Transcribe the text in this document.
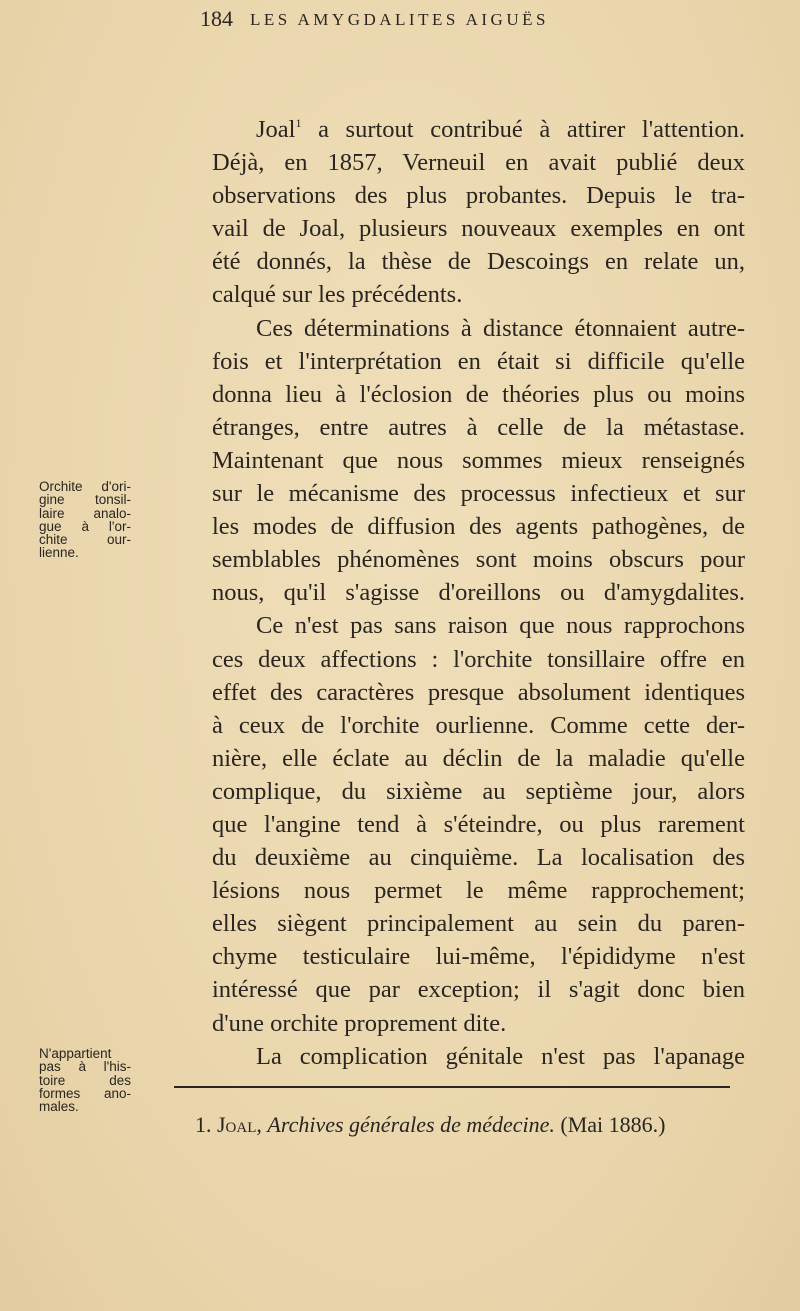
184 LES AMYGDALITES AIGUËS
Joal$^1$ a surtout contribué à attirer l'attention.
Déjà, en 1857, Verneuil en avait publié deux
observations des plus probantes. Depuis le tra-
vail de Joal, plusieurs nouveaux exemples en ont
été donnés, la thèse de Descoings en relate un,
calqué sur les précédents.
Ces déterminations à distance étonnaient autre-
fois et l'interprétation en était si difficile qu'elle
donna lieu à l'éclosion de théories plus ou moins
étranges, entre autres à celle de la métastase.
Maintenant que nous sommes mieux renseignés
sur le mécanisme des processus infectieux et sur
les modes de diffusion des agents pathogènes, de
semblables phénomènes sont moins obscurs pour
nous, qu'il s'agisse d'oreillons ou d'amygdalites.
Ce n'est pas sans raison que nous rapprochons
ces deux affections : l'orchite tonsillaire offre en
effet des caractères presque absolument identiques
à ceux de l'orchite ourlienne. Comme cette der-
nière, elle éclate au déclin de la maladie qu'elle
complique, du sixième au septième jour, alors
que l'angine tend à s'éteindre, ou plus rarement
du deuxième au cinquième. La localisation des
lésions nous permet le même rapprochement;
elles siègent principalement au sein du paren-
chyme testiculaire lui-même, l'épididyme n'est
intéressé que par exception; il s'agit donc bien
d'une orchite proprement dite.
La complication génitale n'est pas l'apanage
Orchite d'ori-
gine tonsil-
laire analo-
gue à l'or-
chite our-
lienne.
N'appartient
pas à l'his-
toire des
formes ano-
males.
1. Joal, Archives générales de médecine. (Mai 1886.)
